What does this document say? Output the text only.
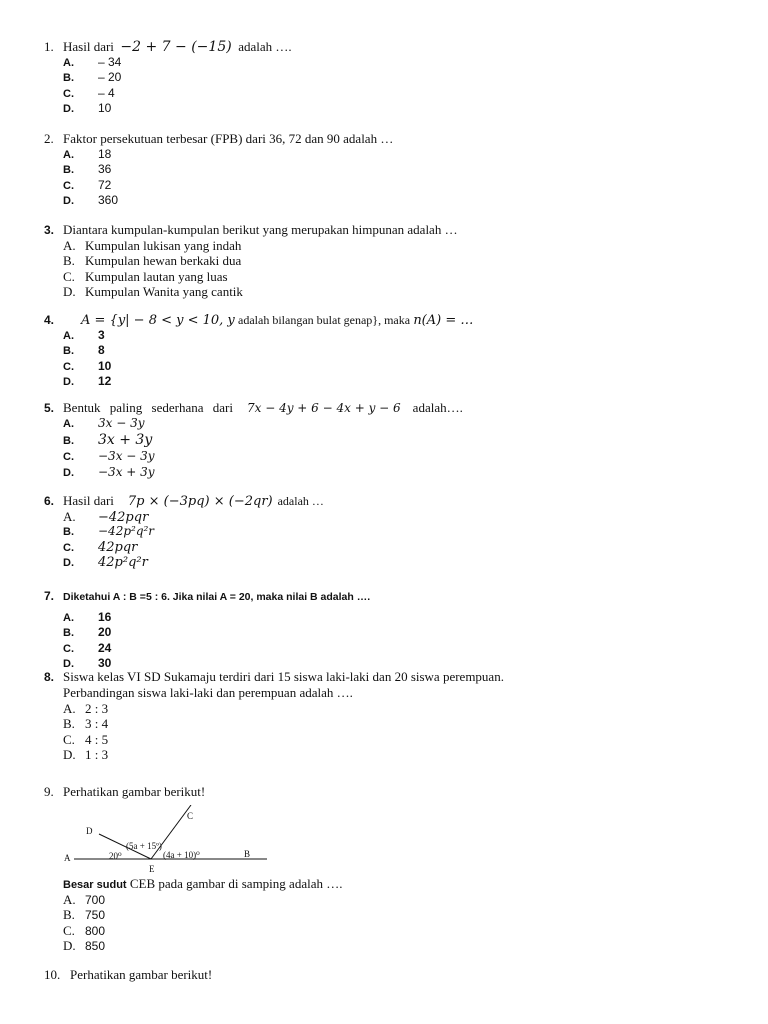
1. Hasil dari −2 + 7 − (−15) adalah ….
A.	– 34
B.	– 20
C.	– 4
D.	10
2. Faktor persekutuan terbesar (FPB) dari 36, 72 dan 90 adalah …
A.	18
B.	36
C.	72
D.	360
3. Diantara kumpulan-kumpulan berikut yang merupakan himpunan adalah …
A. Kumpulan lukisan yang indah
B. Kumpulan hewan berkaki dua
C. Kumpulan lautan yang luas
D. Kumpulan Wanita yang cantik
4.	A = {y| − 8 < y < 10, y adalah bilangan bulat genap}, maka n(A) = …
A.	3
B.	8
C.	10
D.	12
5. Bentuk paling sederhana dari 7x − 4y + 6 − 4x + y − 6 adalah….
A.	3x − 3y
B.	3x + 3y
C.	−3x − 3y
D.	−3x + 3y
6. Hasil dari 7p × (−3pq) × (−2qr) adalah …
A.	−42pqr
B.	−42p²q²r
C.	42pqr
D.	42p²q²r
7. Diketahui A : B =5 : 6. Jika nilai A = 20, maka nilai B adalah ….
A.	16
B.	20
C.	24
D.	30
8. Siswa kelas VI SD Sukamaju terdiri dari 15 siswa laki-laki dan 20 siswa perempuan.
Perbandingan siswa laki-laki dan perempuan adalah ….
A. 2 : 3
B. 3 : 4
C. 4 : 5
D. 1 : 3
9. Perhatikan gambar berikut!
C
D
A	B
E
(5a + 15º)
20⁰	(4a + 10)⁰
Besar sudut
CEB pada gambar di samping adalah ….
A. 700
B. 750
C. 800
D. 850
10. Perhatikan gambar berikut!
